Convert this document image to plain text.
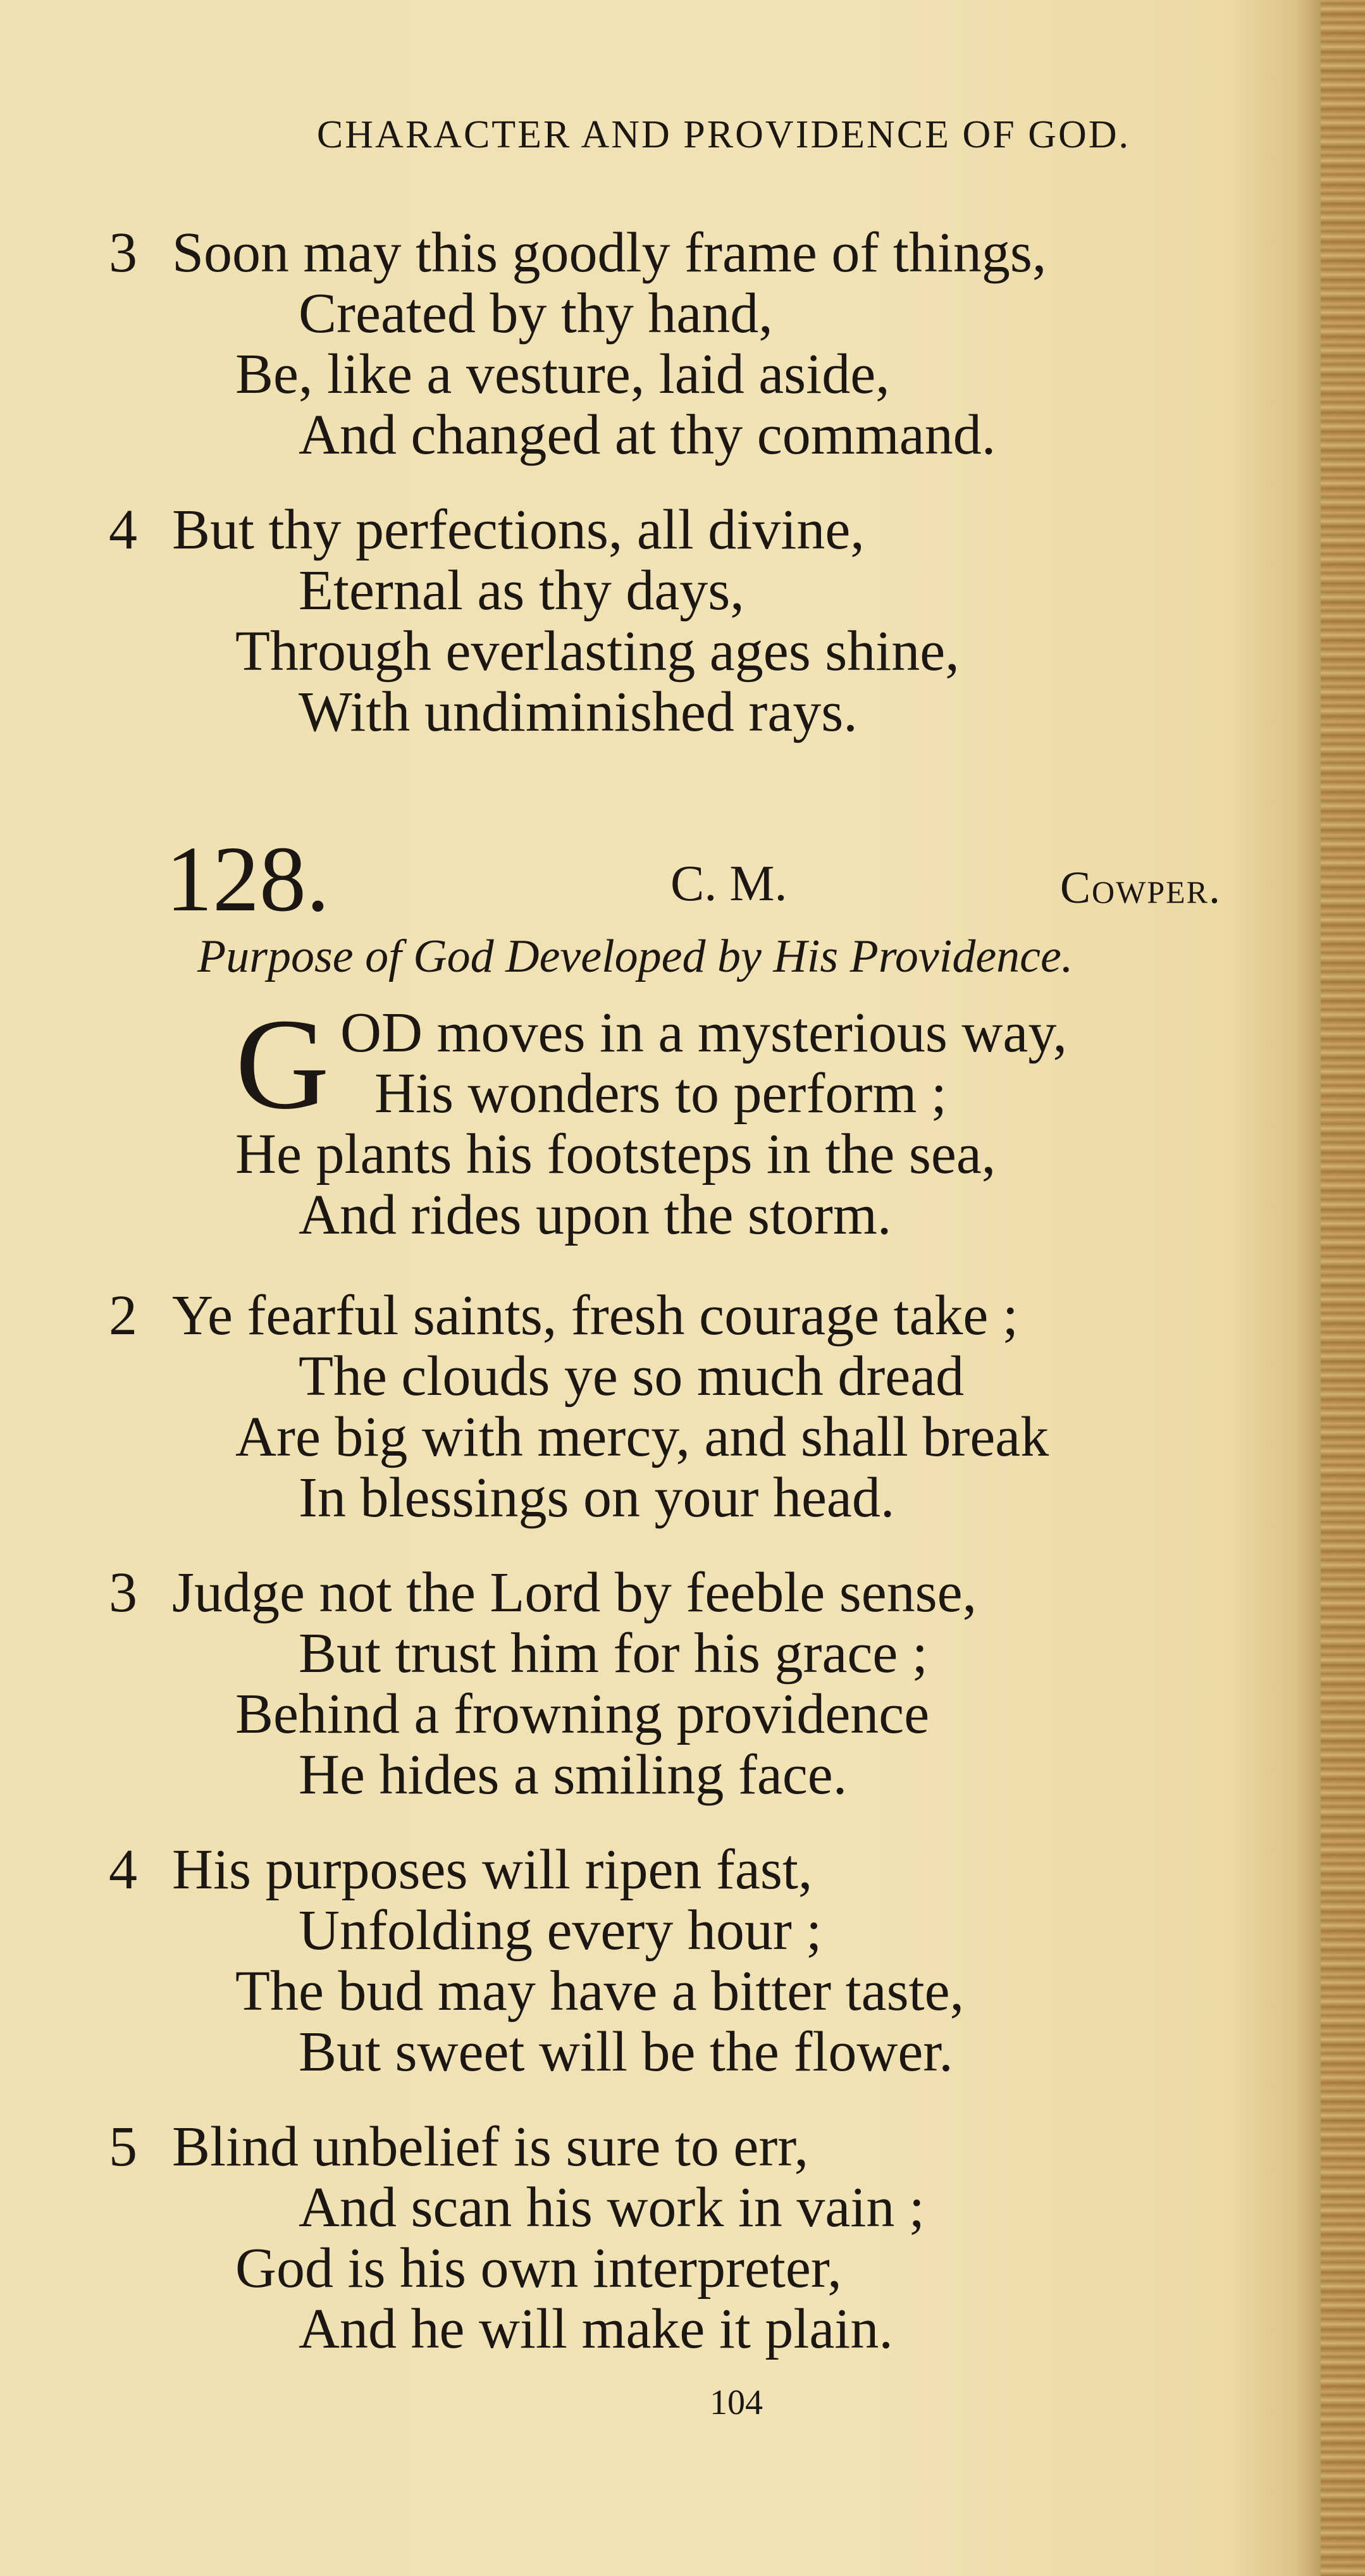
CHARACTER AND PROVIDENCE OF GOD.
3 Soon may this goodly frame of things,
Created by thy hand,
Be, like a vesture, laid aside,
And changed at thy command.
4 But thy perfections, all divine,
Eternal as thy days,
Through everlasting ages shine,
With undiminished rays.
128.	C. M.	Cowper.
Purpose of God Developed by His Providence.
G OD moves in a mysterious way,
His wonders to perform ;
He plants his footsteps in the sea,
And rides upon the storm.
2 Ye fearful saints, fresh courage take ;
The clouds ye so much dread
Are big with mercy, and shall break
In blessings on your head.
3 Judge not the Lord by feeble sense,
But trust him for his grace ;
Behind a frowning providence
He hides a smiling face.
4 His purposes will ripen fast,
Unfolding every hour ;
The bud may have a bitter taste,
But sweet will be the flower.
5 Blind unbelief is sure to err,
And scan his work in vain ;
God is his own interpreter,
And he will make it plain.
104
